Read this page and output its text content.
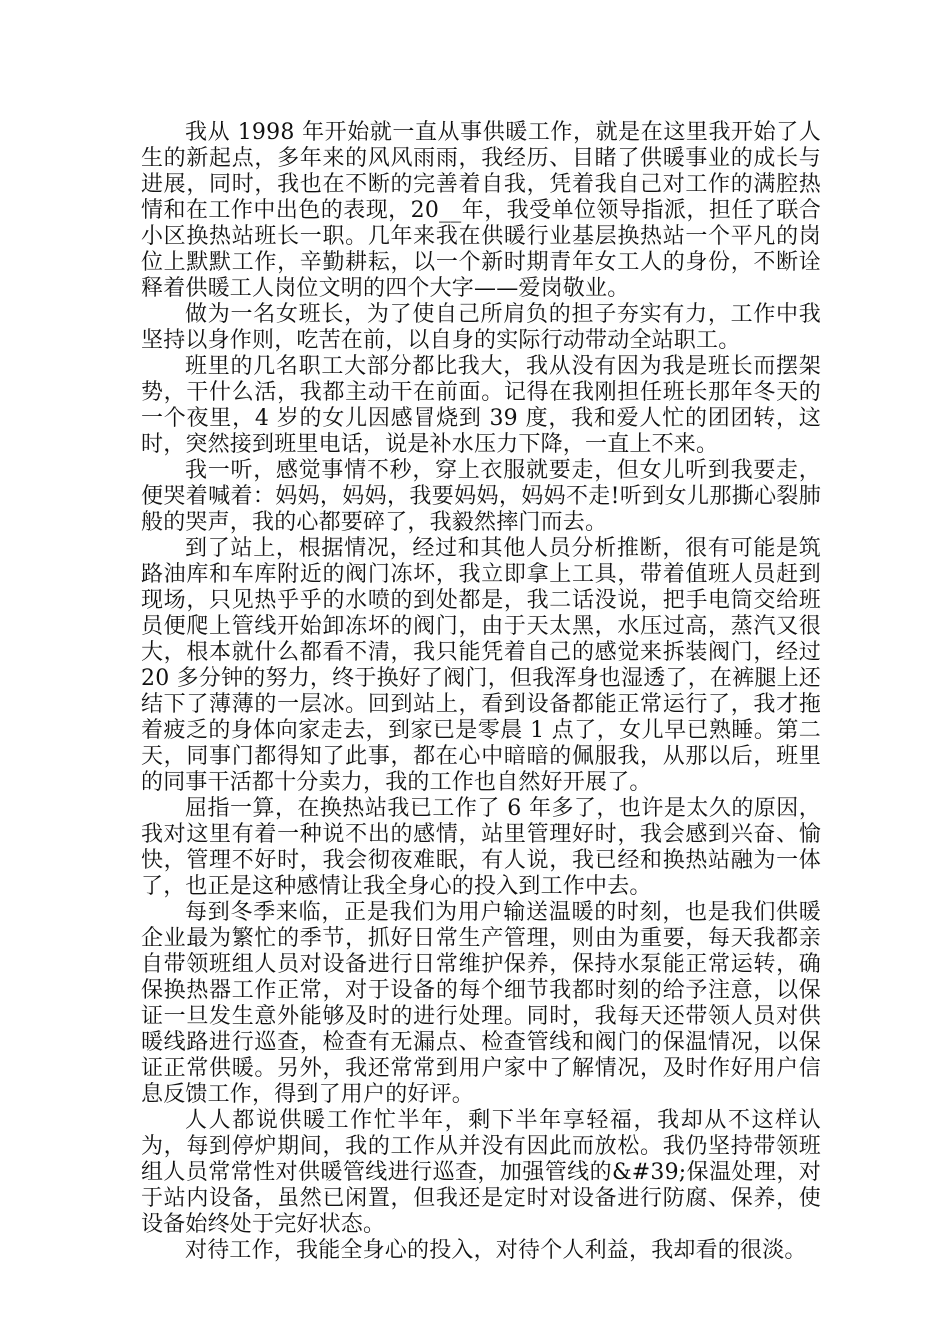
我从 1998 年开始就一直从事供暖工作，就是在这里我开始了人生的新起点，多年来的风风雨雨，我经历、目睹了供暖事业的成长与进展，同时，我也在不断的完善着自我，凭着我自己对工作的满腔热情和在工作中出色的表现，20__年，我受单位领导指派，担任了联合小区换热站班长一职。几年来我在供暖行业基层换热站一个平凡的岗位上默默工作，辛勤耕耘，以一个新时期青年女工人的身份，不断诠释着供暖工人岗位文明的四个大字——爱岗敬业。

做为一名女班长，为了使自己所肩负的担子夯实有力，工作中我坚持以身作则，吃苦在前，以自身的实际行动带动全站职工。

班里的几名职工大部分都比我大，我从没有因为我是班长而摆架势，干什么活，我都主动干在前面。记得在我刚担任班长那年冬天的一个夜里，4 岁的女儿因感冒烧到 39 度，我和爱人忙的团团转，这时，突然接到班里电话，说是补水压力下降，一直上不来。

我一听，感觉事情不秒，穿上衣服就要走，但女儿听到我要走，便哭着喊着：妈妈，妈妈，我要妈妈，妈妈不走!听到女儿那撕心裂肺般的哭声，我的心都要碎了，我毅然摔门而去。

到了站上，根据情况，经过和其他人员分析推断，很有可能是筑路油库和车库附近的阀门冻坏，我立即拿上工具，带着值班人员赶到现场，只见热乎乎的水喷的到处都是，我二话没说，把手电筒交给班员便爬上管线开始卸冻坏的阀门，由于天太黑，水压过高，蒸汽又很大，根本就什么都看不清，我只能凭着自己的感觉来拆装阀门，经过 20 多分钟的努力，终于换好了阀门，但我浑身也湿透了，在裤腿上还结下了薄薄的一层冰。回到站上，看到设备都能正常运行了，我才拖着疲乏的身体向家走去，到家已是零晨 1 点了，女儿早已熟睡。第二天，同事门都得知了此事，都在心中暗暗的佩服我，从那以后，班里的同事干活都十分卖力，我的工作也自然好开展了。

屈指一算，在换热站我已工作了 6 年多了，也许是太久的原因，我对这里有着一种说不出的感情，站里管理好时，我会感到兴奋、愉快，管理不好时，我会彻夜难眠，有人说，我已经和换热站融为一体了，也正是这种感情让我全身心的投入到工作中去。

每到冬季来临，正是我们为用户输送温暖的时刻，也是我们供暖企业最为繁忙的季节，抓好日常生产管理，则由为重要，每天我都亲自带领班组人员对设备进行日常维护保养，保持水泵能正常运转，确保换热器工作正常，对于设备的每个细节我都时刻的给予注意，以保证一旦发生意外能够及时的进行处理。同时，我每天还带领人员对供暖线路进行巡查，检查有无漏点、检查管线和阀门的保温情况，以保证正常供暖。另外，我还常常到用户家中了解情况，及时作好用户信息反馈工作，得到了用户的好评。

人人都说供暖工作忙半年，剩下半年享轻福，我却从不这样认为，每到停炉期间，我的工作从并没有因此而放松。我仍坚持带领班组人员常常性对供暖管线进行巡查，加强管线的&#39;保温处理，对于站内设备，虽然已闲置，但我还是定时对设备进行防腐、保养，使设备始终处于完好状态。

对待工作，我能全身心的投入，对待个人利益，我却看的很淡。
